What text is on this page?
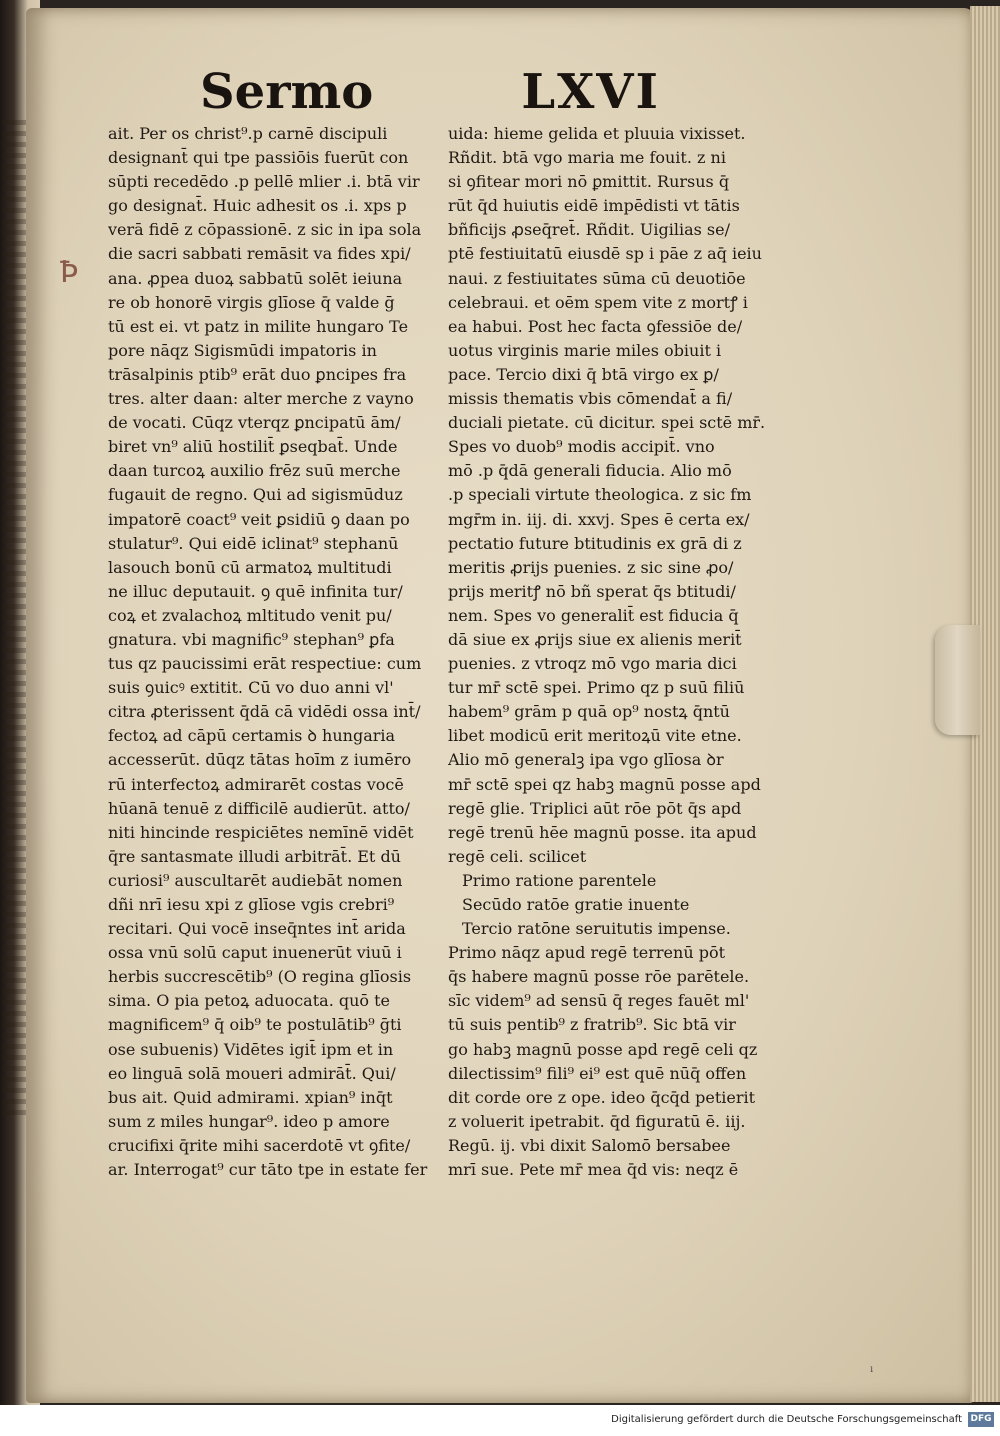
Sermo	LXVI
Ꝥ
ait. Per os christ⁹.p carnē discipuli
designant̄ qui tpe passiōis fuerūt con
sūpti recedēdo .p pellē mlier .i. btā vir
go designat̄. Huic adhesit os .i. xps p
verā fidē z cōpassionē. z sic in ipa sola
die sacri sabbati remāsit va fides xpi/
ana. ꝓpea duoꝝ sabbatū solēt ieiuna
re ob honorē virgis glīose q̄ valde ḡ
tū est ei. vt patz in milite hungaro Te
pore nāqz Sigismūdi impatoris in
trāsalpinis ptib⁹ erāt duo ꝑncipes fra
tres. alter daan: alter merche z vayno
de vocati. Cūqz vterqz ꝑncipatū ām/
biret vn⁹ aliū hostilit̄ ꝑseqbat̄. Unde
daan turcoꝝ auxilio frēz suū merche
fugauit de regno. Qui ad sigismūduz
impatorē coact⁹ veit ꝑsidiū ꝯ daan po
stulatur⁹. Qui eidē iclinat⁹ stephanū
lasouch bonū cū armatoꝝ multitudi
ne illuc deputauit. ꝯ quē infinita tur/
coꝝ et zvalachoꝝ mltitudo venit pu/
gnatura. vbi magnific⁹ stephan⁹ ꝑfa
tus qz paucissimi erāt respectiue: cum
suis ꝯuicꝰ extitit. Cū vo duo anni vl'
citra ꝓterissent q̄dā cā vidēdi ossa int̄/
fectoꝝ ad cāpū certamis ꝺ hungaria
accesserūt. dūqz tātas hoīm z iumēro
rū interfectoꝝ admirarēt costas vocē
hūanā tenuē z difficilē audierūt. atto/
niti hincinde respiciētes nemīnē vidēt
q̄re santasmate illudi arbitrāt̄. Et dū
curiosi⁹ auscultarēt audiebāt nomen
dñi nrī iesu xpi z glīose vgis crebri⁹
recitari. Qui vocē inseq̄ntes int̄ arida
ossa vnū solū caput inuenerūt viuū i
herbis succrescētib⁹ (O regina glīosis
sima. O pia petoꝝ aduocata. quō te
magnificem⁹ q̄ oib⁹ te postulātib⁹ ḡti
ose subuenis) Vidētes igit̄ ipm et in
eo linguā solā moueri admirāt̄. Qui/
bus ait. Quid admirami. xpian⁹ inq̄t
sum z miles hungar⁹. ideo p amore
crucifixi q̄rite mihi sacerdotē vt ꝯfite/
ar. Interrogat⁹ cur tāto tpe in estate fer
uida: hieme gelida et pluuia vixisset.
Rñdit. btā vgo maria me fouit. z ni
si ꝯfitear mori nō ꝑmittit. Rursus q̄
rūt q̄d huiutis eidē impēdisti vt tātis
bñficijs ꝓseq̄ret̄. Rñdit. Uigilias se/
ptē festiuitatū eiusdē sp i pāe z aq̄ ieiu
naui. z festiuitates sūma cū deuotiōe
celebraui. et oēm spem vite z mortꝭ i
ea habui. Post hec facta ꝯfessiōe de/
uotus virginis marie miles obiuit i
pace. Tercio dixi q̄ btā virgo ex ꝑ/
missis thematis vbis cōmendat̄ a fi/
duciali pietate. cū dicitur. spei sctē mr̄.
Spes vo duob⁹ modis accipit̄. vno
mō .p q̄dā generali fiducia. Alio mō
.p speciali virtute theologica. z sic fm
mgr̄m in. iij. di. xxvj. Spes ē certa ex/
pectatio future btitudinis ex grā di z
meritis ꝓrijs puenies. z sic sine ꝓo/
prijs meritꝭ nō bñ sperat q̄s btitudi/
nem. Spes vo generalit̄ est fiducia q̄
dā siue ex ꝓrijs siue ex alienis merit̄
puenies. z vtroqz mō vgo maria dici
tur mr̄ sctē spei. Primo qz p suū filiū
habem⁹ grām p quā op⁹ nostꝝ q̄ntū
libet modicū erit meritoꝝū vite etne.
Alio mō generalꝫ ipa vgo glīosa ꝺr
mr̄ sctē spei qz habꝫ magnū posse apd
regē glie. Triplici aūt rōe pōt q̄s apd
regē trenū hēe magnū posse. ita apud
regē celi. scilicet
Primo ratione parentele
Secūdo ratōe gratie inuente
Tercio ratōne seruitutis impense.
Primo nāqz apud regē terrenū pōt
q̄s habere magnū posse rōe parētele.
sīc videm⁹ ad sensū q̄ reges fauēt ml'
tū suis pentib⁹ z fratrib⁹. Sic btā vir
go habꝫ magnū posse apd regē celi qz
dilectissim⁹ fili⁹ ei⁹ est quē nūq̄ offen
dit corde ore z ope. ideo q̄cq̄d petierit
z voluerit ipetrabit. q̄d figuratū ē. iij.
Regū. ij. vbi dixit Salomō bersabee
mrī sue. Pete mr̄ mea q̄d vis: neqz ē
ı
Digitalisierung gefördert durch die Deutsche Forschungsgemeinschaft DFG
